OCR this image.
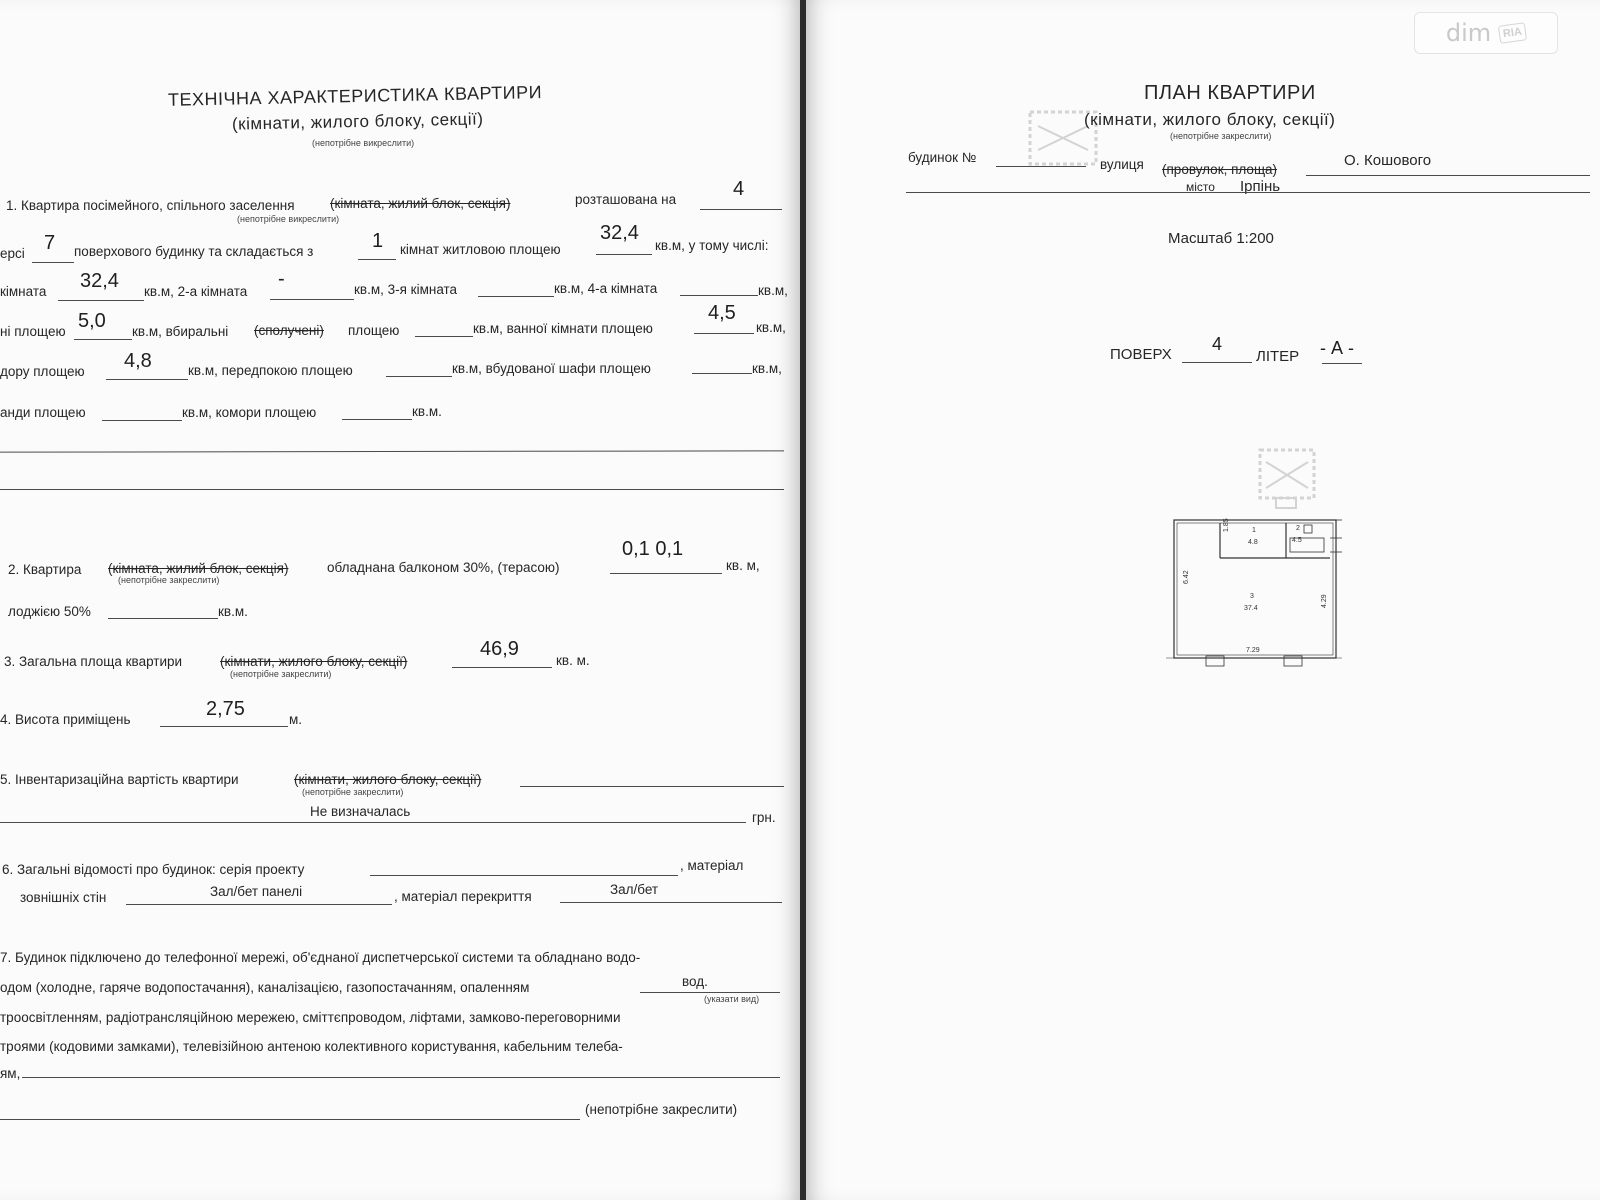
ТЕХНІЧНА ХАРАКТЕРИСТИКА КВАРТИРИ
(кімнати, жилого блоку, секції)
(непотрібне викреслити)
1. Квартира посімейного, спільного заселення	(кімната, жилий блок, секція)	розташована на	4
(непотрібне викреслити)
ерсі 7 поверхового будинку та складається з	1 кімнат житловою площею
32,4
кв.м, у тому числі:
кімната 32,4 кв.м, 2-а кімната
-	кв.м, 3-я кімната	кв.м, 4-а кімната	кв.м,
ні площею 5,0 кв.м, вбиральні (сполучені) площею	кв.м, ванної кімнати площею
4,5
кв.м,
дору площею 4,8	кв.м, передпокою площею	кв.м, вбудованої шафи площею	кв.м,
анди площею	кв.м, комори площею	кв.м.
2. Квартира (кімната, жилий блок, секція)	обладнана балконом 30%, (терасою)
0,1 0,1
кв. м,
(непотрібне закреслити)
лоджією 50%	кв.м.
3. Загальна площа квартири	(кімнати, жилого блоку, секції)
46,9
кв. м.
(непотрібне закреслити)
4. Висота приміщень	2,75	м.
5. Інвентаризаційна вартість квартири	(кімнати, жилого блоку, секції)
(непотрібне закреслити)
Не визначалась	грн.
6. Загальні відомості про будинок: серія проекту	, матеріал
зовнішніх стін	Зал/бет панелі	, матеріал перекриття	Зал/бет
7. Будинок підключено до телефонної мережі, об'єднаної диспетчерської системи та обладнано водо-
одом (холодне, гаряче водопостачання), каналізацією, газопостачанням, опаленням	вод.
(указати вид)
троосвітленням, радіотрансляційною мережею, сміттєпроводом, ліфтами, замково-переговорними
троями (кодовими замками), телевізійною антеною колективного користування, кабельним телеба-
ям,
(непотрібне закреслити)
dim	RIA
ПЛАН КВАРТИРИ
(кімнати, жилого блоку, секції)
(непотрібне закреслити)
будинок №	вулиця (провулок, площа)
О. Кошового
місто Ірпінь
Масштаб 1:200
ПОВЕРХ
4
ЛІТЕР - А -
1.85	1
4.8
2
4.5
3
37.4
6.42
4.29
7.29
